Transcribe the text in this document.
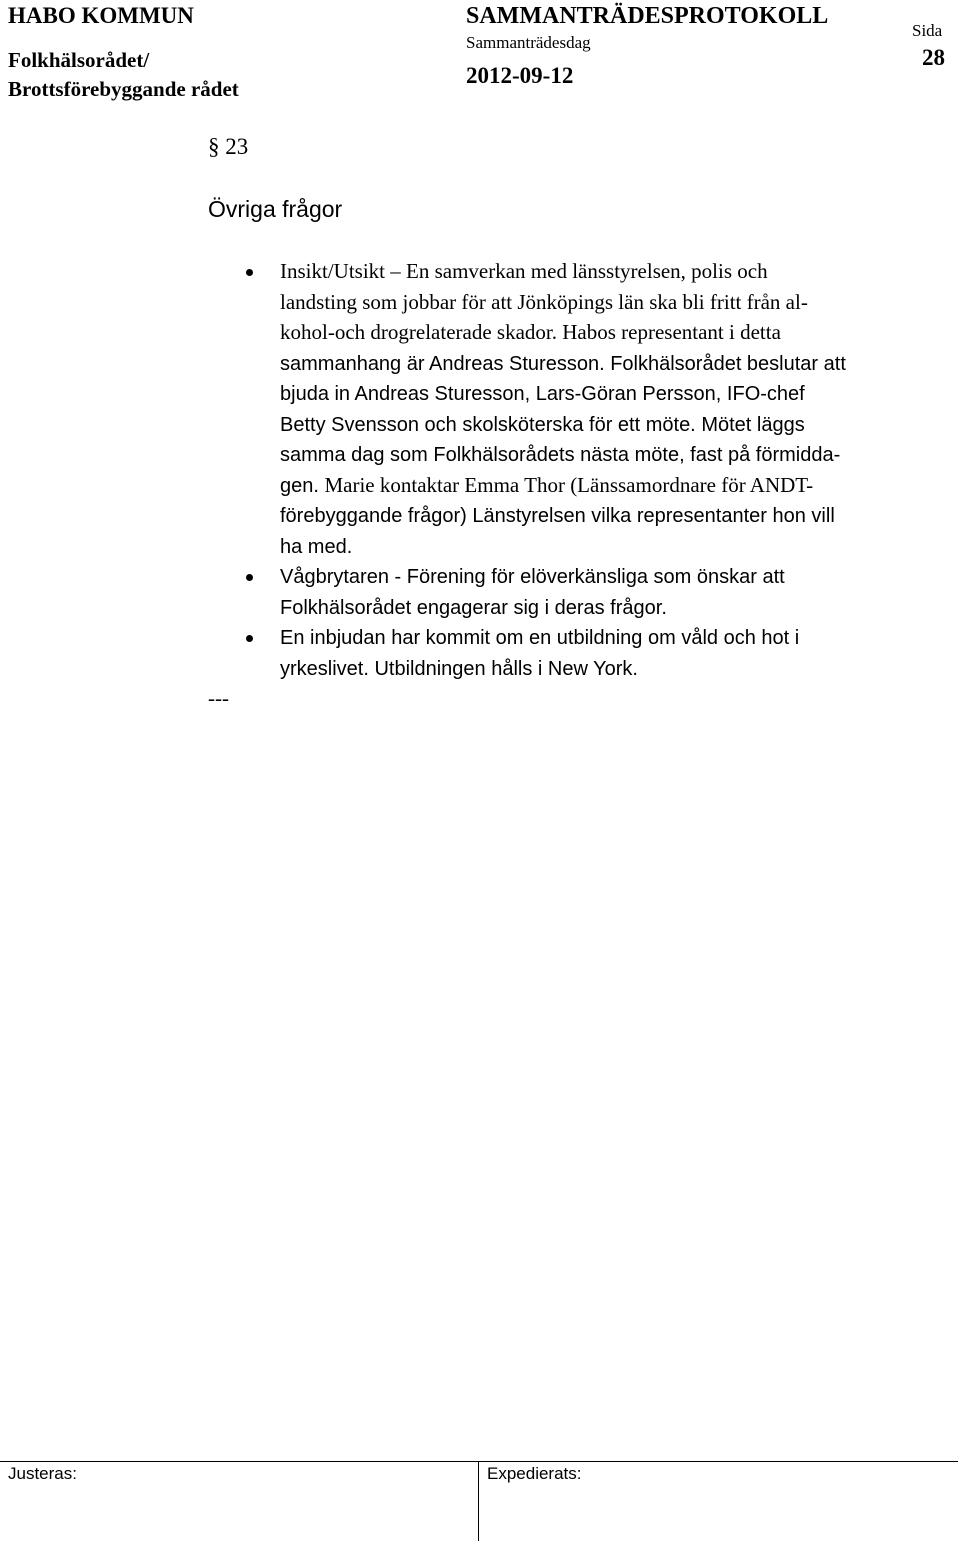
HABO KOMMUN
Folkhälsorådet/
Brottsförebyggande rådet
SAMMANTRÄDESPROTOKOLL
Sammanträdesdag
2012-09-12
Sida
28
§ 23
Övriga frågor
Insikt/Utsikt – En samverkan med länsstyrelsen, polis och
landsting som jobbar för att Jönköpings län ska bli fritt från al-
kohol-och drogrelaterade skador. Habos representant i detta
sammanhang är Andreas Sturesson. Folkhälsorådet beslutar att
bjuda in Andreas Sturesson, Lars-Göran Persson, IFO-chef
Betty Svensson och skolsköterska för ett möte. Mötet läggs
samma dag som Folkhälsorådets nästa möte, fast på förmidda-
gen. Marie kontaktar Emma Thor (Länssamordnare för ANDT-
förebyggande frågor) Länstyrelsen vilka representanter hon vill
ha med.
Vågbrytaren - Förening för elöverkänsliga som önskar att
Folkhälsorådet engagerar sig i deras frågor.
En inbjudan har kommit om en utbildning om våld och hot i
yrkeslivet. Utbildningen hålls i New York.
---
Justeras:	Expedierats:
